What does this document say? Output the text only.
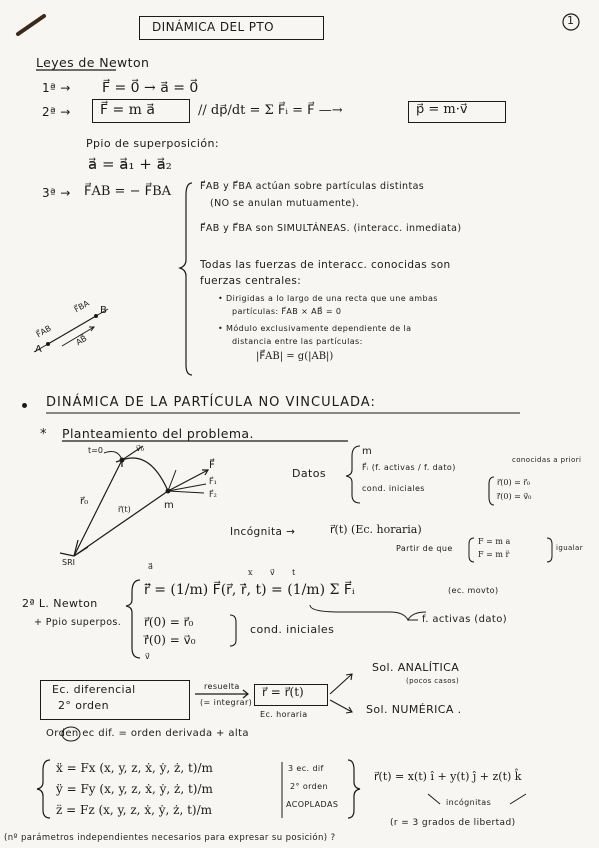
DINÁMICA DEL PTO	1
Leyes de Newton
1ª → F⃗ = 0⃗ → a⃗ = 0⃗
2ª → F⃗ = m a⃗	// dp⃗/dt = Σ F⃗ᵢ = F⃗ —→	p⃗ = m·v⃗
Ppio de superposición:
a⃗ = a⃗₁ + a⃗₂
3ª → F⃗AB = − F⃗BA	F⃗AB y F⃗BA actúan sobre partículas distintas
(NO se anulan mutuamente).
F⃗AB y F⃗BA son SIMULTÁNEAS. (interacc. inmediata)
Todas las fuerzas de interacc. conocidas son
fuerzas centrales:
• Dirigidas a lo largo de una recta que une ambas
partículas: F⃗AB × AB⃗ = 0
• Módulo exclusivamente dependiente de la
distancia entre las partículas:
|F⃗AB| = g(|AB|)
A
B
F⃗AB
F⃗BA
AB⃗
DINÁMICA DE LA PARTÍCULA NO VINCULADA:
* Planteamiento del problema.
SRI
r⃗₀
t=0	v⃗₀
r⃗(t)	m
F⃗
F⃗₁
F⃗₂
Datos
m
F⃗ᵢ (f. activas / f. dato)
cond. iniciales
conocidas a priori
r⃗(0) = r⃗₀
ṙ⃗(0) = v⃗₀
Incógnita →	r⃗(t) (Ec. horaria)
Partir de que
F = m a
F = m r̈
igualar
2ª L. Newton
+ Ppio superpos.
a⃗
x v⃗ t
r̈⃗ = (1/m) F⃗(r⃗, ṙ⃗, t) = (1/m) Σ F⃗ᵢ	(ec. movto)
r⃗(0) = r⃗₀
ṙ⃗(0) = v⃗₀
v⃗
cond. iniciales
f. activas (dato)
Ec. diferencial
2° orden
resuelta
(= integrar)
r⃗ = r⃗(t)
Ec. horaria
Sol. ANALÍTICA
(pocos casos)
Sol. NUMÉRICA .
Orden ec dif. = orden derivada + alta
ẍ = Fx (x, y, z, ẋ, ẏ, ż, t)/m
ÿ = Fy (x, y, z, ẋ, ẏ, ż, t)/m
z̈ = Fz (x, y, z, ẋ, ẏ, ż, t)/m
3 ec. dif
2° orden
ACOPLADAS
r⃗(t) = x(t) î + y(t) ĵ + z(t) k̂
incógnitas
(r = 3 grados de libertad)
(nº parámetros independientes necesarios para expresar su posición) ?
